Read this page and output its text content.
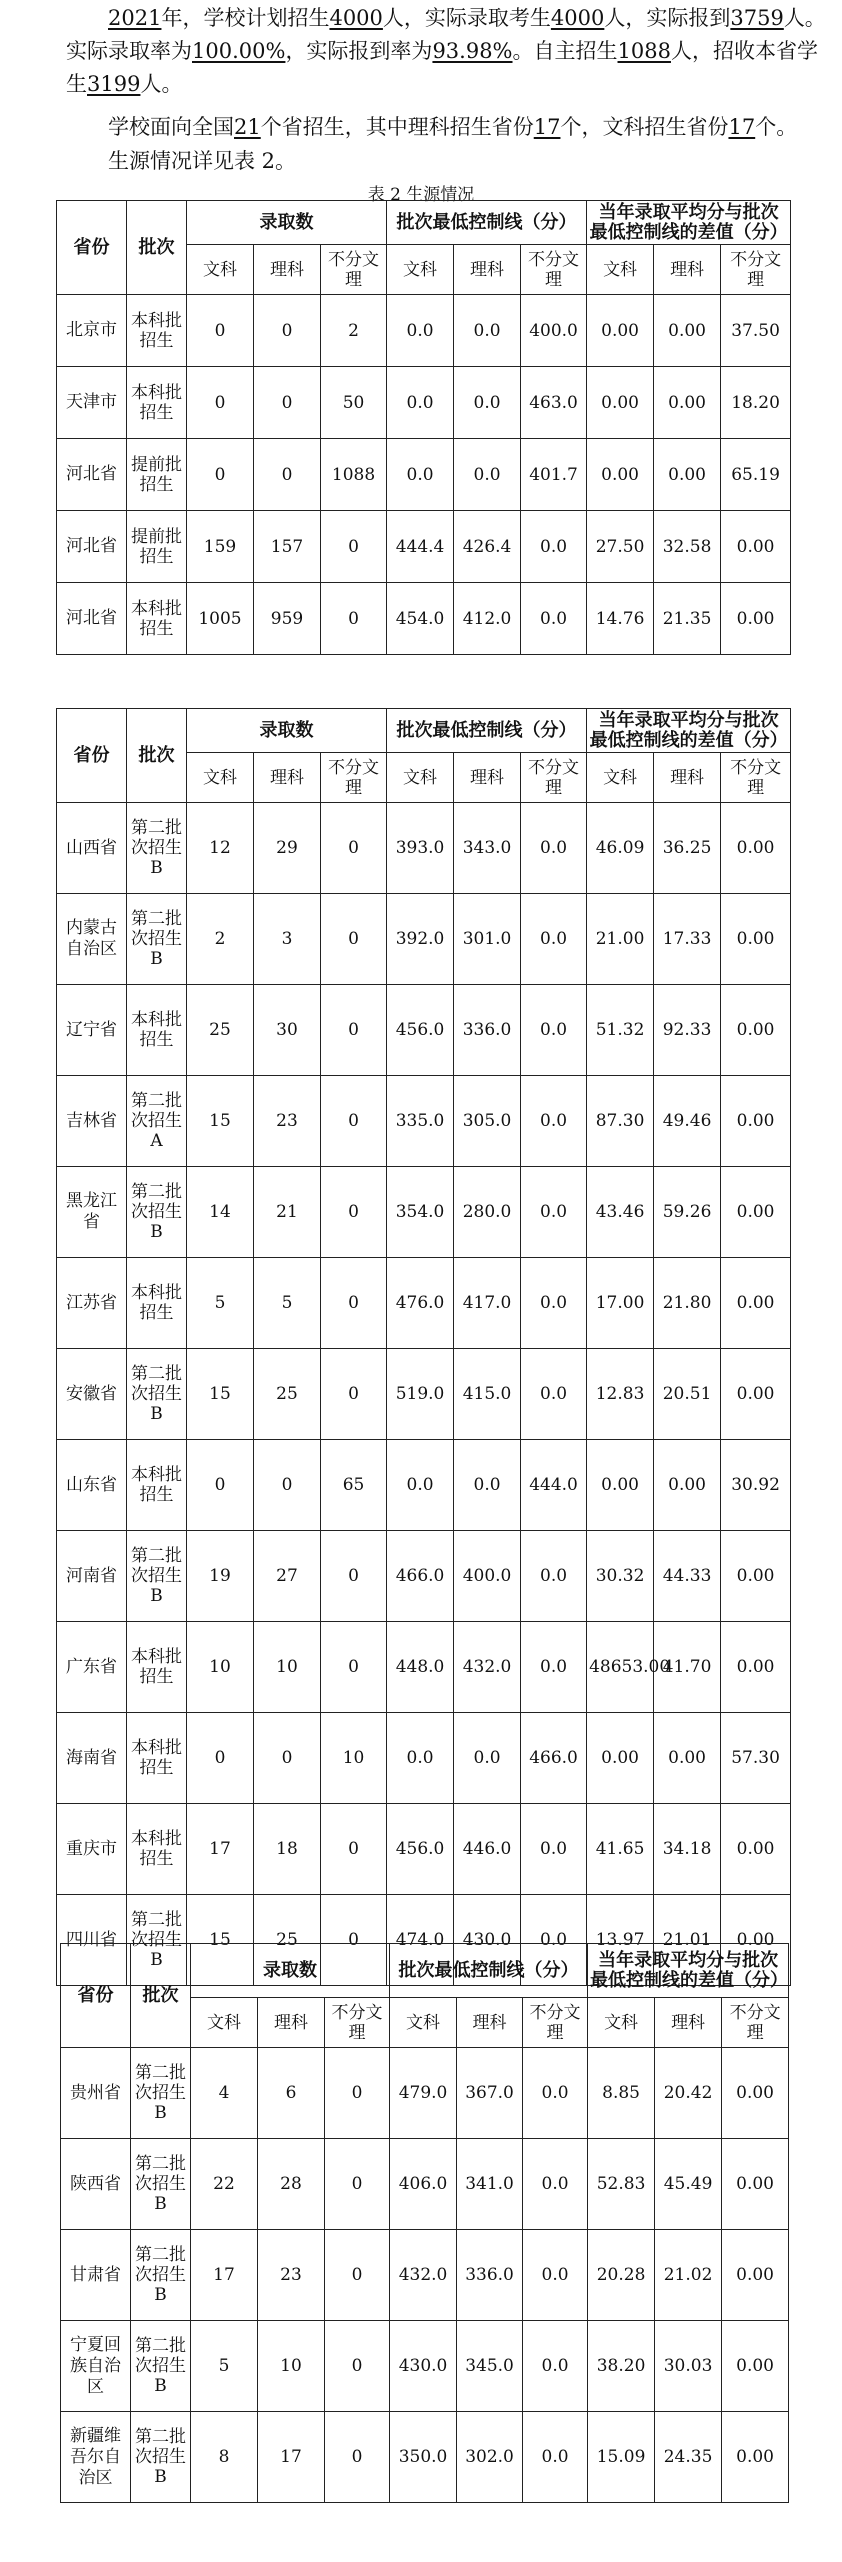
2021年，学校计划招生4000人，实际录取考生4000人，实际报到3759人。
实际录取率为100.00%，实际报到率为93.98%。自主招生1088人，招收本省学
生3199人。
学校面向全国21个省招生，其中理科招生省份17个，文科招生省份17个。
生源情况详见表 2。
表 2 生源情况
省份	批次	录取数			批次最低控制线（分）			当年录取平均分与批次
最低控制线的差值（分）		
		文科	理科	不分文理	文科	理科	不分文理	文科	理科	不分文理
北京市	本科批招生	0	0	2	0.0	0.0	400.0	0.00	0.00	37.50
天津市	本科批招生	0	0	50	0.0	0.0	463.0	0.00	0.00	18.20
河北省	提前批招生	0	0	1088	0.0	0.0	401.7	0.00	0.00	65.19
河北省	提前批招生	159	157	0	444.4	426.4	0.0	27.50	32.58	0.00
河北省	本科批招生	1005	959	0	454.0	412.0	0.0	14.76	21.35	0.00
省份	批次	录取数			批次最低控制线（分）			当年录取平均分与批次
最低控制线的差值（分）		
		文科	理科	不分文理	文科	理科	不分文理	文科	理科	不分文理
山西省	第二批次招生B	12	29	0	393.0	343.0	0.0	46.09	36.25	0.00
内蒙古自治区	第二批次招生B	2	3	0	392.0	301.0	0.0	21.00	17.33	0.00
辽宁省	本科批招生	25	30	0	456.0	336.0	0.0	51.32	92.33	0.00
吉林省	第二批次招生A	15	23	0	335.0	305.0	0.0	87.30	49.46	0.00
黑龙江省	第二批次招生B	14	21	0	354.0	280.0	0.0	43.46	59.26	0.00
江苏省	本科批招生	5	5	0	476.0	417.0	0.0	17.00	21.80	0.00
安徽省	第二批次招生B	15	25	0	519.0	415.0	0.0	12.83	20.51	0.00
山东省	本科批招生	0	0	65	0.0	0.0	444.0	0.00	0.00	30.92
河南省	第二批次招生B	19	27	0	466.0	400.0	0.0	30.32	44.33	0.00
广东省	本科批招生	10	10	0	448.0	432.0	0.0	48653.00	41.70	0.00
海南省	本科批招生	0	0	10	0.0	0.0	466.0	0.00	0.00	57.30
重庆市	本科批招生	17	18	0	456.0	446.0	0.0	41.65	34.18	0.00
四川省	第二批次招生B	15	25	0	474.0	430.0	0.0	13.97	21.01	0.00
省份	批次	录取数			批次最低控制线（分）			当年录取平均分与批次
最低控制线的差值（分）		
		文科	理科	不分文理	文科	理科	不分文理	文科	理科	不分文理
贵州省	第二批次招生B	4	6	0	479.0	367.0	0.0	8.85	20.42	0.00
陕西省	第二批次招生B	22	28	0	406.0	341.0	0.0	52.83	45.49	0.00
甘肃省	第二批次招生B	17	23	0	432.0	336.0	0.0	20.28	21.02	0.00
宁夏回族自治区	第二批次招生B	5	10	0	430.0	345.0	0.0	38.20	30.03	0.00
新疆维吾尔自治区	第二批次招生B	8	17	0	350.0	302.0	0.0	15.09	24.35	0.00
